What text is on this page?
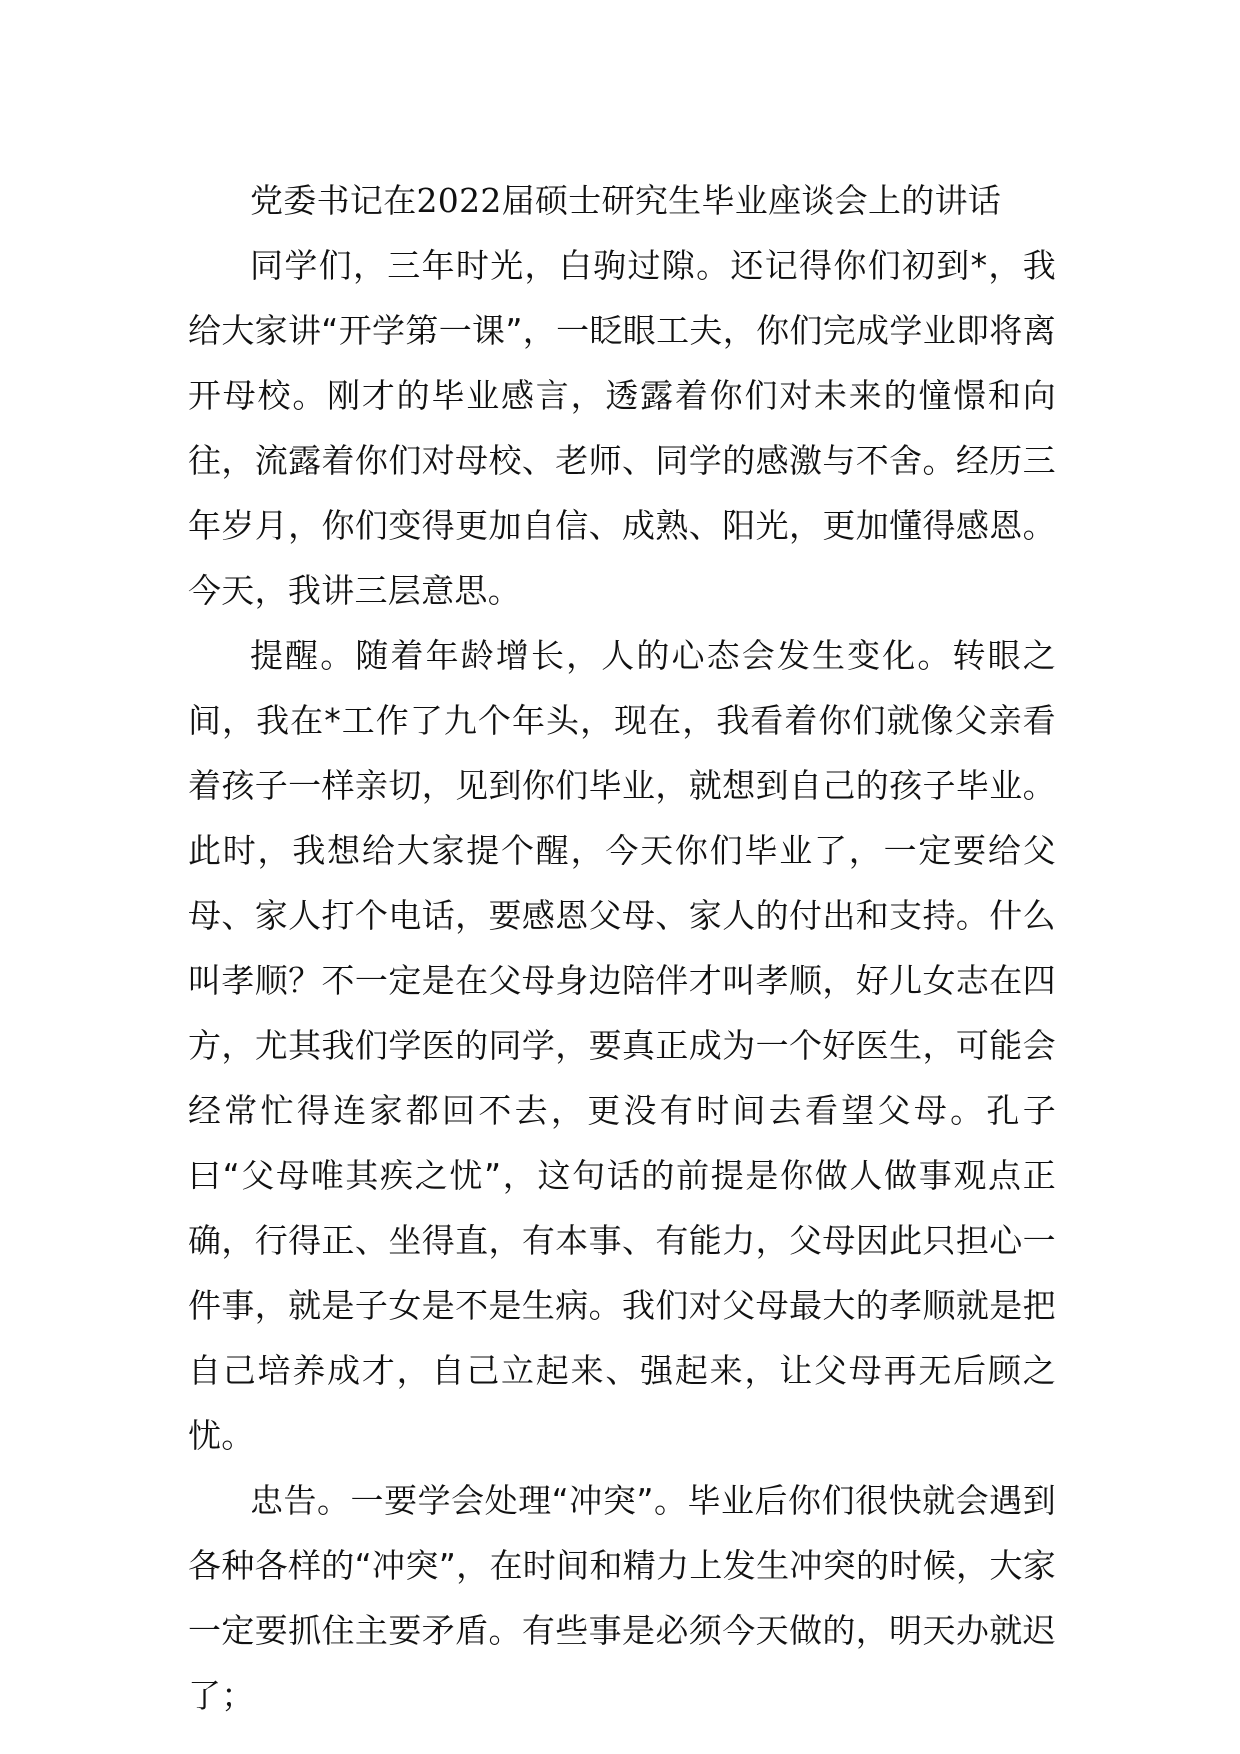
党委书记在2022届硕士研究生毕业座谈会上的讲话

同学们，三年时光，白驹过隙。还记得你们初到*，我给大家讲“开学第一课”，一眨眼工夫，你们完成学业即将离开母校。刚才的毕业感言，透露着你们对未来的憧憬和向往，流露着你们对母校、老师、同学的感激与不舍。经历三年岁月，你们变得更加自信、成熟、阳光，更加懂得感恩。今天，我讲三层意思。

提醒。随着年龄增长，人的心态会发生变化。转眼之间，我在*工作了九个年头，现在，我看着你们就像父亲看着孩子一样亲切，见到你们毕业，就想到自己的孩子毕业。此时，我想给大家提个醒，今天你们毕业了，一定要给父母、家人打个电话，要感恩父母、家人的付出和支持。什么叫孝顺？不一定是在父母身边陪伴才叫孝顺，好儿女志在四方，尤其我们学医的同学，要真正成为一个好医生，可能会经常忙得连家都回不去，更没有时间去看望父母。孔子曰“父母唯其疾之忧”，这句话的前提是你做人做事观点正确，行得正、坐得直，有本事、有能力，父母因此只担心一件事，就是子女是不是生病。我们对父母最大的孝顺就是把自己培养成才，自己立起来、强起来，让父母再无后顾之忧。

忠告。一要学会处理“冲突”。毕业后你们很快就会遇到各种各样的“冲突”，在时间和精力上发生冲突的时候，大家一定要抓住主要矛盾。有些事是必须今天做的，明天办就迟了；
